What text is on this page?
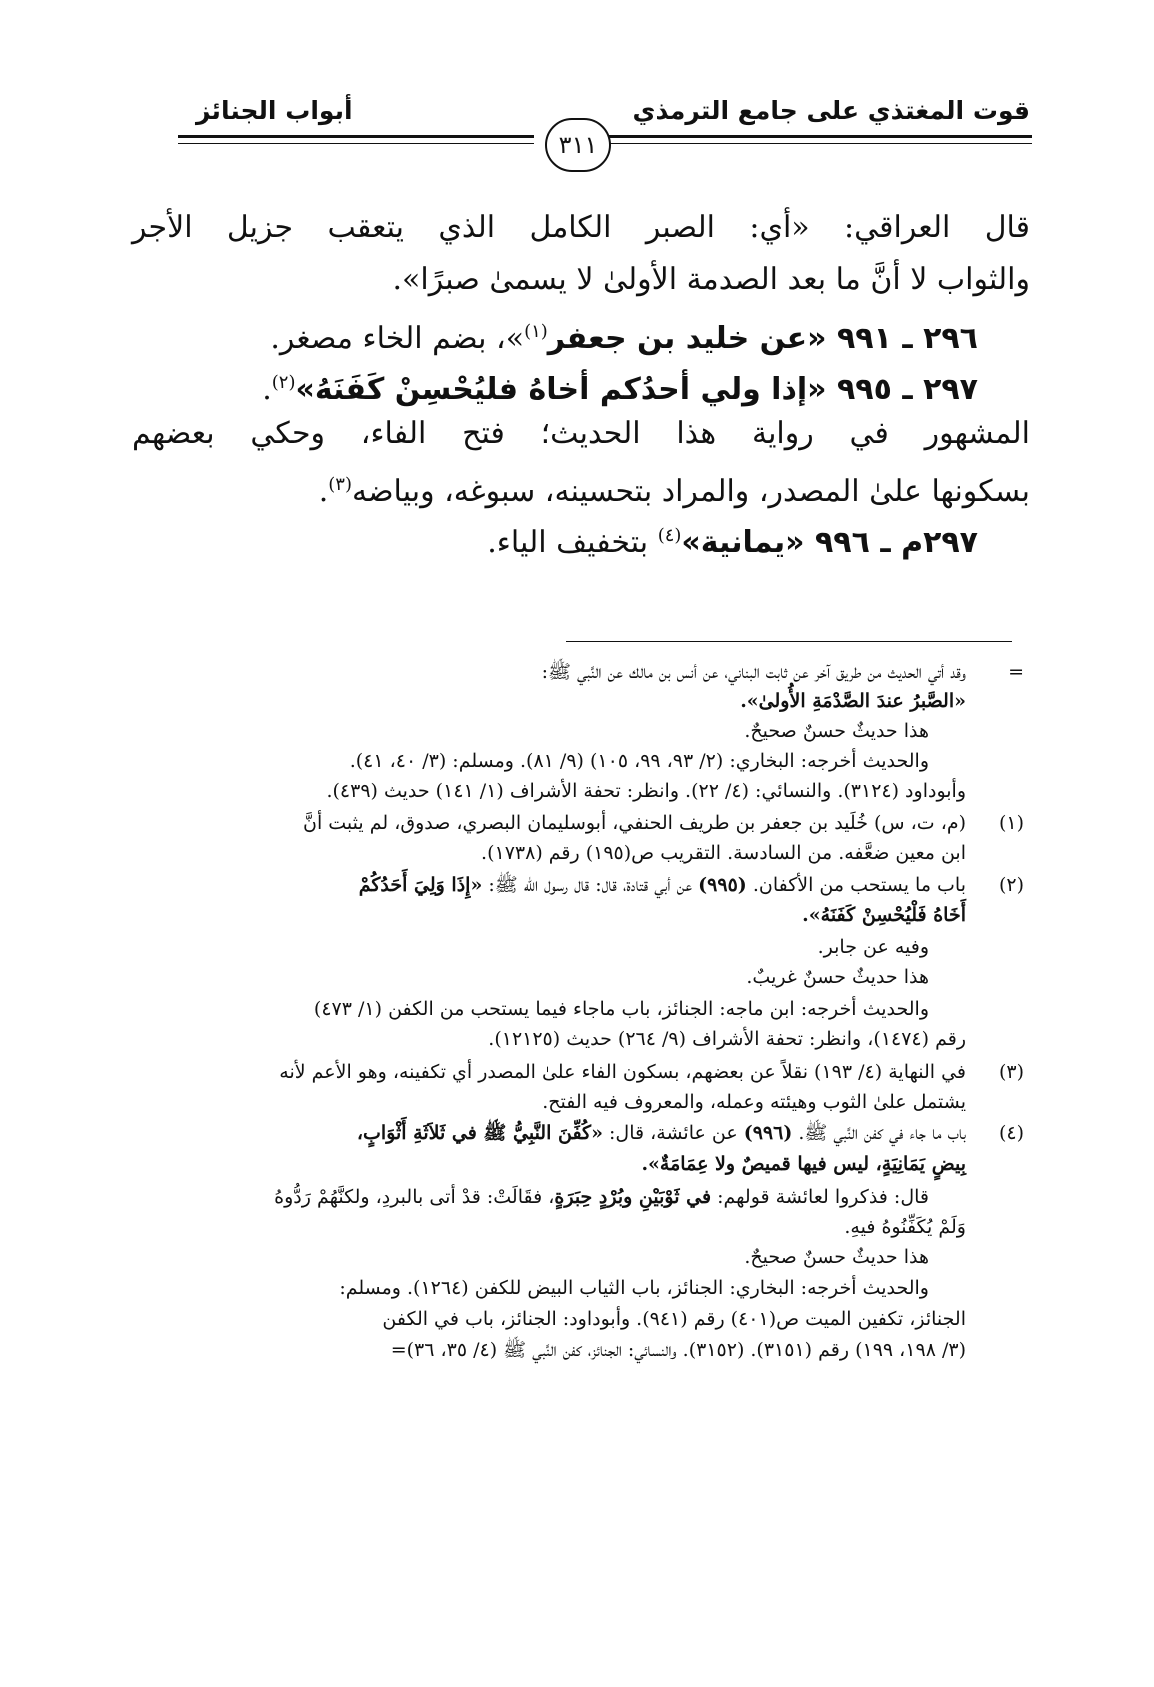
قوت المغتذي على جامع الترمذي
أبواب الجنائز
٣١١
قال العراقي: «أي: الصبر الكامل الذي يتعقب جزيل الأجر
والثواب لا أنَّ ما بعد الصدمة الأولىٰ لا يسمىٰ صبرًا».
٢٩٦ ـ ٩٩١ «عن خليد بن جعفر$^{(١)}$»، بضم الخاء مصغر.
٢٩٧ ـ ٩٩٥ «إذا ولي أحدُكم أخاهُ فليُحْسِنْ كَفَنَهُ»$^{(٢)}$.
المشهور في رواية هذا الحديث؛ فتح الفاء، وحكي بعضهم
بسكونها علىٰ المصدر، والمراد بتحسينه، سبوغه، وبياضه$^{(٣)}$.
٢٩٧م ـ ٩٩٦ «يمانية»$^{(٤)}$ بتخفيف الياء.
=
وقد أتي الحديث من طريق آخر عن ثابت البناني، عن أنس بن مالك عن النَّبي ﷺ:
«الصَّبرُ عندَ الصَّدْمَةِ الأُولىٰ».
هذا حديثٌ حسنٌ صحيحٌ.
والحديث أخرجه: البخاري: (٢/ ٩٣، ٩٩، ١٠٥) (٩/ ٨١). ومسلم: (٣/ ٤٠، ٤١).
وأبوداود (٣١٢٤). والنسائي: (٤/ ٢٢). وانظر: تحفة الأشراف (١/ ١٤١) حديث (٤٣٩).
(١)
(م، ت، س) خُلَيد بن جعفر بن طريف الحنفي، أبوسليمان البصري، صدوق، لم يثبت أنَّ
ابن معين ضعَّفه. من السادسة. التقريب ص(١٩٥) رقم (١٧٣٨).
(٢)
باب ما يستحب من الأكفان. (٩٩٥) عن أبي قتادة، قال: قال رسول الله ﷺ: «إِذَا وَلِيَ أَحَدُكُمْ
أَخَاهُ فَلْيُحْسِنْ كَفَنَهُ».
وفيه عن جابر.
هذا حديثٌ حسنٌ غريبٌ.
والحديث أخرجه: ابن ماجه: الجنائز، باب ماجاء فيما يستحب من الكفن (١/ ٤٧٣)
رقم (١٤٧٤)، وانظر: تحفة الأشراف (٩/ ٢٦٤) حديث (١٢١٢٥).
(٣)
في النهاية (٤/ ١٩٣) نقلاً عن بعضهم، بسكون الفاء علىٰ المصدر أي تكفينه، وهو الأعم لأنه
يشتمل علىٰ الثوب وهيئته وعمله، والمعروف فيه الفتح.
(٤)
باب ما جاء في كفن النَّبي ﷺ. (٩٩٦) عن عائشة، قال: «كُفِّنَ النَّبِيُّ ﷺ في ثَلاَثَةِ أَثْوَابٍ،
بِيضٍ يَمَانِيَةٍ، ليس فيها قميصٌ ولا عِمَامَةٌ».
قال: فذكروا لعائشة قولهم: في ثَوْبَيْنِ وبُرْدٍ حِبَرَةٍ، فقَالَتْ: قدْ أتى بالبردِ، ولكنَّهُمْ رَدُّوهُ
وَلَمْ يُكَفِّنُوهُ فيهِ.
هذا حديثٌ حسنٌ صحيحٌ.
والحديث أخرجه: البخاري: الجنائز، باب الثياب البيض للكفن (١٢٦٤). ومسلم:
الجنائز، تكفين الميت ص(٤٠١) رقم (٩٤١). وأبوداود: الجنائز، باب في الكفن
(٣/ ١٩٨، ١٩٩) رقم (٣١٥١). (٣١٥٢). والنسائي: الجنائز، كفن النَّبي ﷺ (٤/ ٣٥، ٣٦)=
